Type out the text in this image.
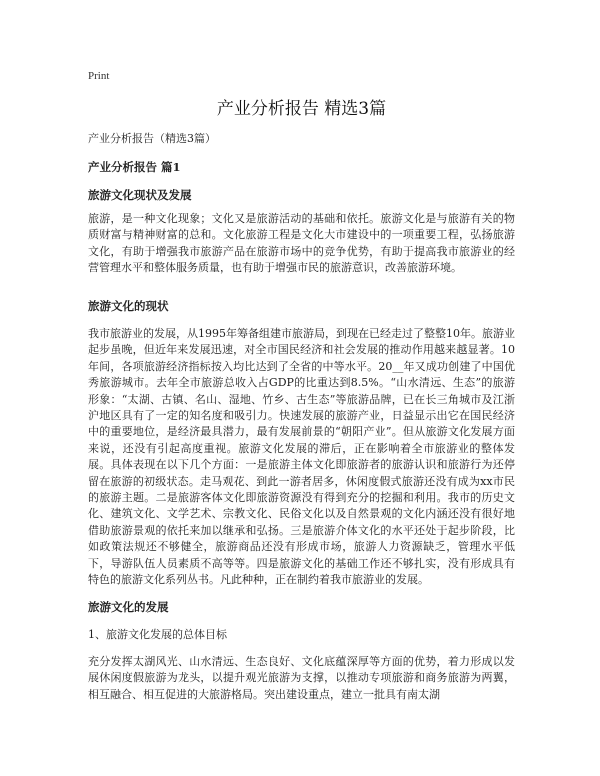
Print
产业分析报告 精选3篇
产业分析报告（精选3篇）
产业分析报告 篇1
旅游文化现状及发展
旅游，是一种文化现象；文化又是旅游活动的基础和依托。旅游文化是与旅游有关的物质财富与精神财富的总和。文化旅游工程是文化大市建设中的一项重要工程，弘扬旅游文化，有助于增强我市旅游产品在旅游市场中的竞争优势，有助于提高我市旅游业的经营管理水平和整体服务质量，也有助于增强市民的旅游意识，改善旅游环境。
旅游文化的现状
我市旅游业的发展，从1995年筹备组建市旅游局，到现在已经走过了整整10年。旅游业起步虽晚，但近年来发展迅速，对全市国民经济和社会发展的推动作用越来越显著。10年间，各项旅游经济指标按入均比达到了全省的中等水平。20__年又成功创建了中国优秀旅游城市。去年全市旅游总收入占GDP的比重达到8.5%。“山水清远、生态”的旅游形象：“太湖、古镇、名山、湿地、竹乡、古生态”等旅游品牌，已在长三角城市及江浙沪地区具有了一定的知名度和吸引力。快速发展的旅游产业，日益显示出它在国民经济中的重要地位，是经济最具潜力，最有发展前景的“朝阳产业”。但从旅游文化发展方面来说，还没有引起高度重视。旅游文化发展的滞后，正在影响着全市旅游业的整体发展。具体表现在以下几个方面：一是旅游主体文化即旅游者的旅游认识和旅游行为还停留在旅游的初级状态。走马观花、到此一游者居多，休闲度假式旅游还没有成为xx市民的旅游主题。二是旅游客体文化即旅游资源没有得到充分的挖掘和利用。我市的历史文化、建筑文化、文学艺术、宗教文化、民俗文化以及自然景观的文化内涵还没有很好地借助旅游景观的依托来加以继承和弘扬。三是旅游介体文化的水平还处于起步阶段，比如政策法规还不够健全，旅游商品还没有形成市场，旅游人力资源缺乏，管理水平低下，导游队伍人员素质不高等等。四是旅游文化的基础工作还不够扎实，没有形成具有特色的旅游文化系列丛书。凡此种种，正在制约着我市旅游业的发展。
旅游文化的发展
1、旅游文化发展的总体目标
充分发挥太湖风光、山水清远、生态良好、文化底蕴深厚等方面的优势，着力形成以发展休闲度假旅游为龙头，以提升观光旅游为支撑，以推动专项旅游和商务旅游为两翼，相互融合、相互促进的大旅游格局。突出建设重点，建立一批具有南太湖
